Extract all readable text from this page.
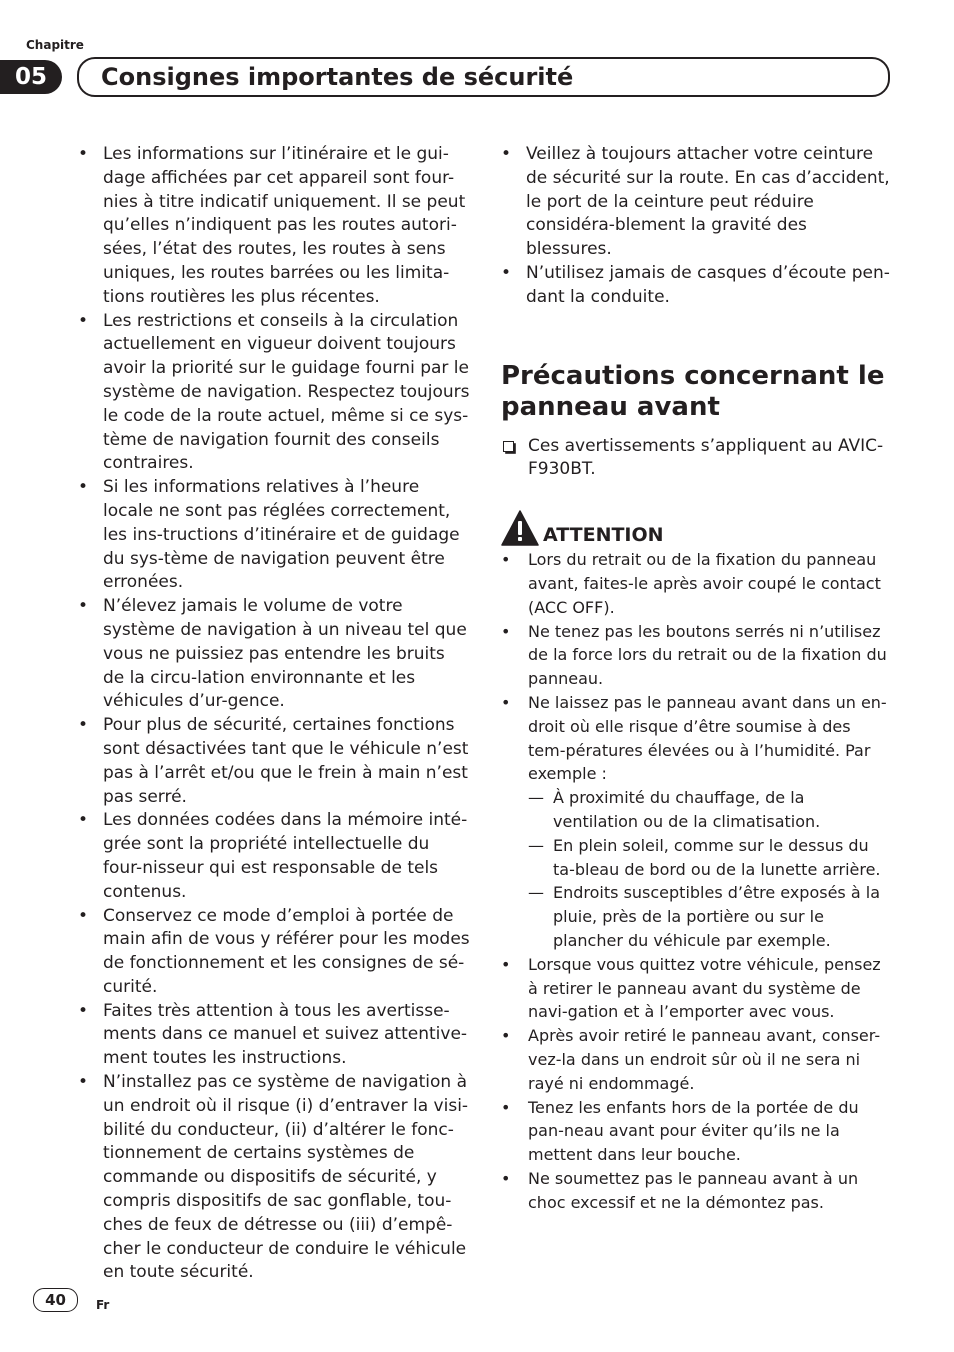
Chapitre
05	Consignes importantes de sécurité
• Les informations sur l’itinéraire et le gui-dage affichées par cet appareil sont four-nies à titre indicatif uniquement. Il se peut qu’elles n’indiquent pas les routes autori-sées, l’état des routes, les routes à sens uniques, les routes barrées ou les limita-tions routières les plus récentes.
• Les restrictions et conseils à la circulation actuellement en vigueur doivent toujours avoir la priorité sur le guidage fourni par le système de navigation. Respectez toujours le code de la route actuel, même si ce sys-tème de navigation fournit des conseils contraires.
• Si les informations relatives à l’heure locale ne sont pas réglées correctement, les ins-tructions d’itinéraire et de guidage du sys-tème de navigation peuvent être erronées.
• N’élevez jamais le volume de votre système de navigation à un niveau tel que vous ne puissiez pas entendre les bruits de la circu-lation environnante et les véhicules d’ur-gence.
• Pour plus de sécurité, certaines fonctions sont désactivées tant que le véhicule n’est pas à l’arrêt et/ou que le frein à main n’est pas serré.
• Les données codées dans la mémoire inté-grée sont la propriété intellectuelle du four-nisseur qui est responsable de tels contenus.
• Conservez ce mode d’emploi à portée de main afin de vous y référer pour les modes de fonctionnement et les consignes de sé-curité.
• Faites très attention à tous les avertisse-ments dans ce manuel et suivez attentive-ment toutes les instructions.
• N’installez pas ce système de navigation à un endroit où il risque (i) d’entraver la visi-bilité du conducteur, (ii) d’altérer le fonc-tionnement de certains systèmes de commande ou dispositifs de sécurité, y compris dispositifs de sac gonflable, tou-ches de feux de détresse ou (iii) d’empê-cher le conducteur de conduire le véhicule en toute sécurité.
• Veillez à toujours attacher votre ceinture de sécurité sur la route. En cas d’accident, le port de la ceinture peut réduire considéra-blement la gravité des blessures.
• N’utilisez jamais de casques d’écoute pen-dant la conduite.
Précautions concernant le panneau avant
Ces avertissements s’appliquent au AVIC-F930BT.
ATTENTION
• Lors du retrait ou de la fixation du panneau avant, faites-le après avoir coupé le contact (ACC OFF).
• Ne tenez pas les boutons serrés ni n’utilisez de la force lors du retrait ou de la fixation du panneau.
• Ne laissez pas le panneau avant dans un en-droit où elle risque d’être soumise à des tem-pératures élevées ou à l’humidité. Par exemple :
— À proximité du chauffage, de la ventilation ou de la climatisation.
— En plein soleil, comme sur le dessus du ta-bleau de bord ou de la lunette arrière.
— Endroits susceptibles d’être exposés à la pluie, près de la portière ou sur le plancher du véhicule par exemple.
• Lorsque vous quittez votre véhicule, pensez à retirer le panneau avant du système de navi-gation et à l’emporter avec vous.
• Après avoir retiré le panneau avant, conser-vez-la dans un endroit sûr où il ne sera ni rayé ni endommagé.
• Tenez les enfants hors de la portée de du pan-neau avant pour éviter qu’ils ne la mettent dans leur bouche.
• Ne soumettez pas le panneau avant à un choc excessif et ne la démontez pas.
40	Fr
